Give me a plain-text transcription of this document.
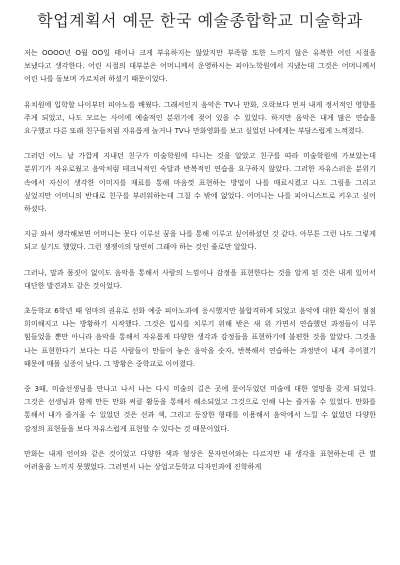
학업계획서 예문 한국 예술종합학교 미술학과

저는 OOOO년 O월 OO일 태어나 크게 부유하지는 않았지만 부족함 또한 느끼지 않은 유복한 어린 시절을 보냈다고 생각한다. 어린 시절의 대부분은 어머니께서 운영하시는 피아노학원에서 지냈는데 그것은 어머니께서 어린 나를 돌보며 가르치려 하셨기 때문이었다.

유치원에 입학할 나이부터 피아노를 배웠다. 그래서인지 음악은 TV나 만화, 오락보다 먼저 내게 정서적인 영향을 주게 되었고, 나도 모르는 사이에 예술적인 분위기에 젖어 있을 수 있었다. 하지만 음악은 내게 많은 연습을 요구했고 다른 또래 친구들처럼 자유롭게 놀거나 TV나 만화영화를 보고 싶었던 나에게는 부담스럽게 느껴졌다.

그러던 어느 날 가깝게 지내던 친구가 미술학원에 다니는 것을 알았고 친구를 따라 미술학원에 가보았는데 분위기가 자유로웠고 음악처럼 테크닉적인 숙달과 반복적인 연습을 요구하지 않았다. 그러한 자유스러운 분위기 속에서 자신이 생각한 이미지를 재료를 통해 마음껏 표현하는 방법이 나를 매료시켰고 나도 그림을 그리고 싶었지만 어머니의 반대로 친구를 부러워하는데 그칠 수 밖에 없었다. 어머니는 나를 피아니스트로 키우고 싶어 하셨다.

지금 와서 생각해보면 어머니는 못다 이루신 꿈을 나를 통해 이루고 싶어하셨던 것 같다. 아무튼 그런 나도 그렇게 되고 싶기도 했었다. 그런 쟁쟁이의 당연히 그래야 하는 것인 줄로만 알았다.

그러나, 말과 몸짓이 없이도 음악을 통해서 사람의 느낌이나 감정을 표현한다는 것을 알게 된 것은 내게 있어서 대단한 발견과도 같은 것이었다.

초등학교 6학년 때 엄마의 권유로 선화 예중 피아노과에 응시했지만 불합격하게 되었고 음악에 대한 확신이 점점 희미해지고 나는 방황하기 시작했다. 그것은 입시를 치루기 위해 받은 새 위 가면서 연습했던 과정들이 너무 힘들었을 뿐만 아니라 음악을 통해서 자유롭게 다양한 생각과 감정들을 표현하기에 불편한 것을 알았다. 그것을 나는 표현한다기 보다는 다른 사람들이 만들어 놓은 음악을 숫자, 반복해서 연습하는 과정만이 내게 주어졌기 때문에 매몰 실증이 났다. 그 방황은 중학교로 이어졌다.

중 3때, 미술선생님을 만나고 나서 나는 다시 미술의 길은 곳에 묻어두었던 미술에 대한 열망을 갖게 되었다. 그것은 선생님과 함께 만든 만화 써클 활동을 통해서 해소되었고 그것으로 인해 나는 즐거울 수 있었다. 만화를 통해서 내가 즐거울 수 있었던 것은 선과 색, 그리고 등장한 형태를 이용해서 음악에서 느낄 수 없었던 다양한 감정의 표현들을 보다 자유스럽게 표현할 수 있다는 것 때문이었다.

만화는 내게 언어와 같은 것이었고 다양한 색과 형상은 문자언어와는 다르지만 내 생각을 표현하는데 큰 별 어려움을 느끼지 못했었다. 그러면서 나는 상업고등학교 디자인과에 진학하게
